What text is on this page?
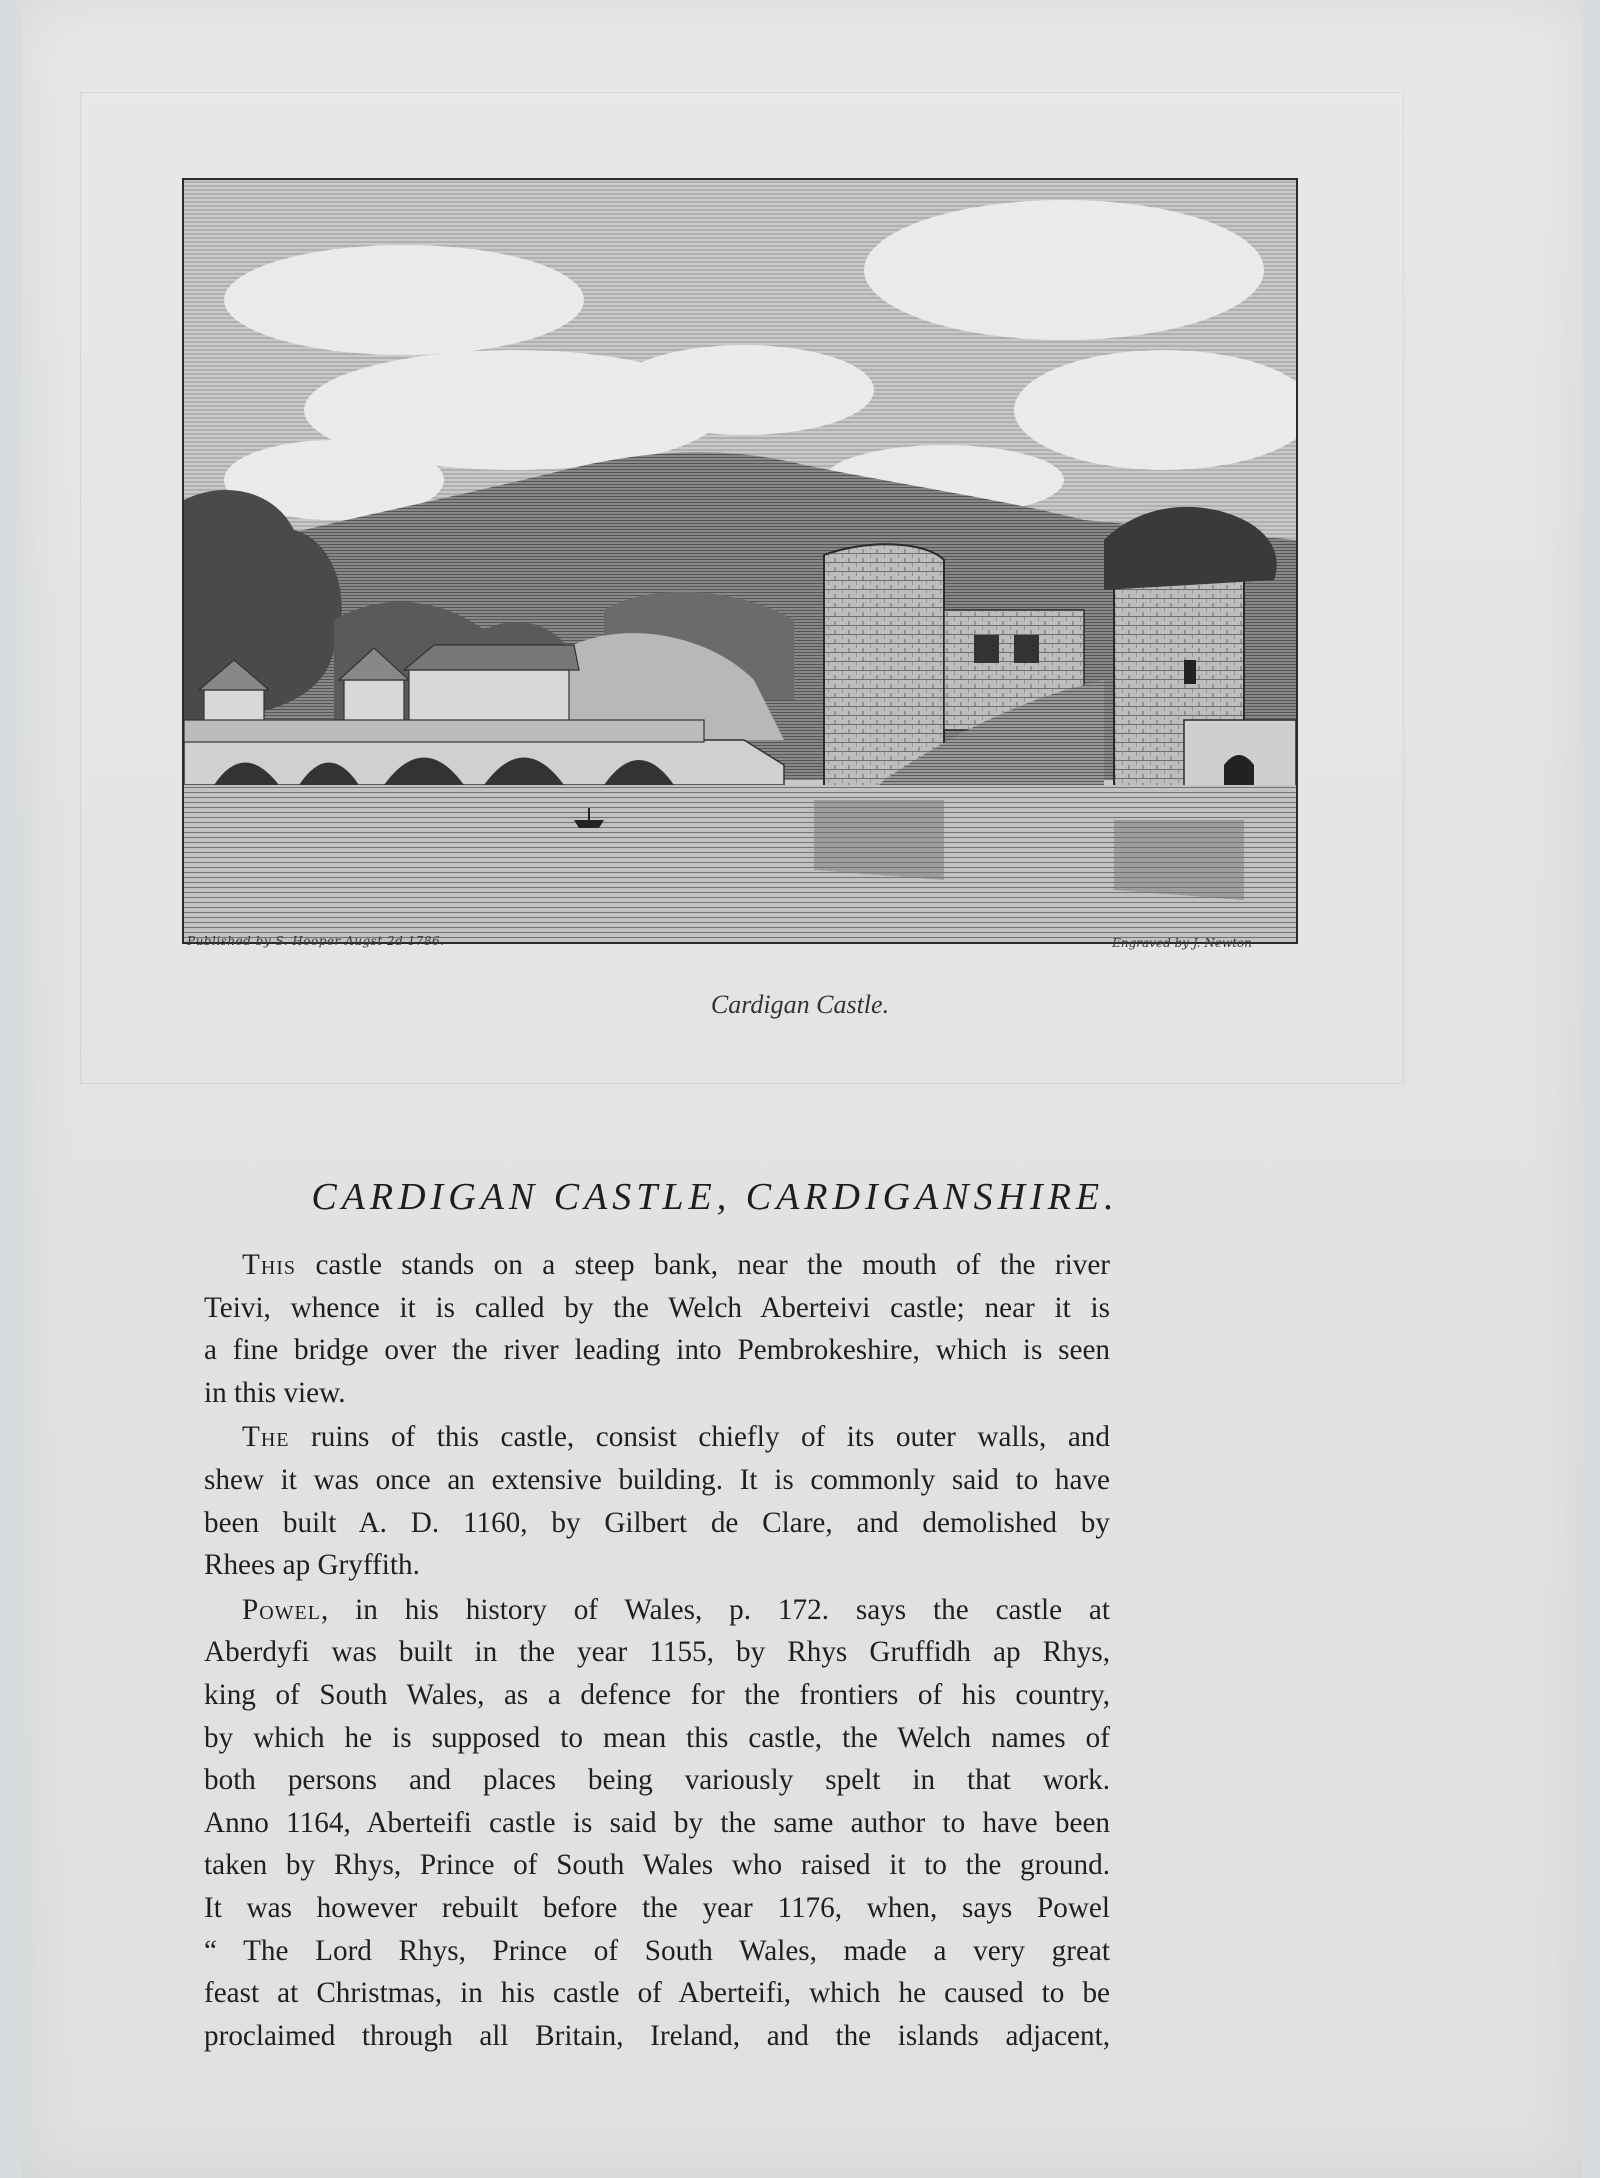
Published by S. Hooper Augst 2d 1786.	Engraved by J. Newton
Cardigan Castle.
CARDIGAN CASTLE, CARDIGANSHIRE.

This castle stands on a steep bank, near the mouth of the river
Teivi, whence it is called by the Welch Aberteivi castle; near it is
a fine bridge over the river leading into Pembrokeshire, which is seen
in this view.

The ruins of this castle, consist chiefly of its outer walls, and
shew it was once an extensive building. It is commonly said to have
been built A. D. 1160, by Gilbert de Clare, and demolished by
Rhees ap Gryffith.

Powel, in his history of Wales, p. 172. says the castle at
Aberdyfi was built in the year 1155, by Rhys Gruffidh ap Rhys,
king of South Wales, as a defence for the frontiers of his country,
by which he is supposed to mean this castle, the Welch names of
both persons and places being variously spelt in that work.
Anno 1164, Aberteifi castle is said by the same author to have been
taken by Rhys, Prince of South Wales who raised it to the ground.
It was however rebuilt before the year 1176, when, says Powel
“ The Lord Rhys, Prince of South Wales, made a very great
feast at Christmas, in his castle of Aberteifi, which he caused to be
proclaimed through all Britain, Ireland, and the islands adjacent,
